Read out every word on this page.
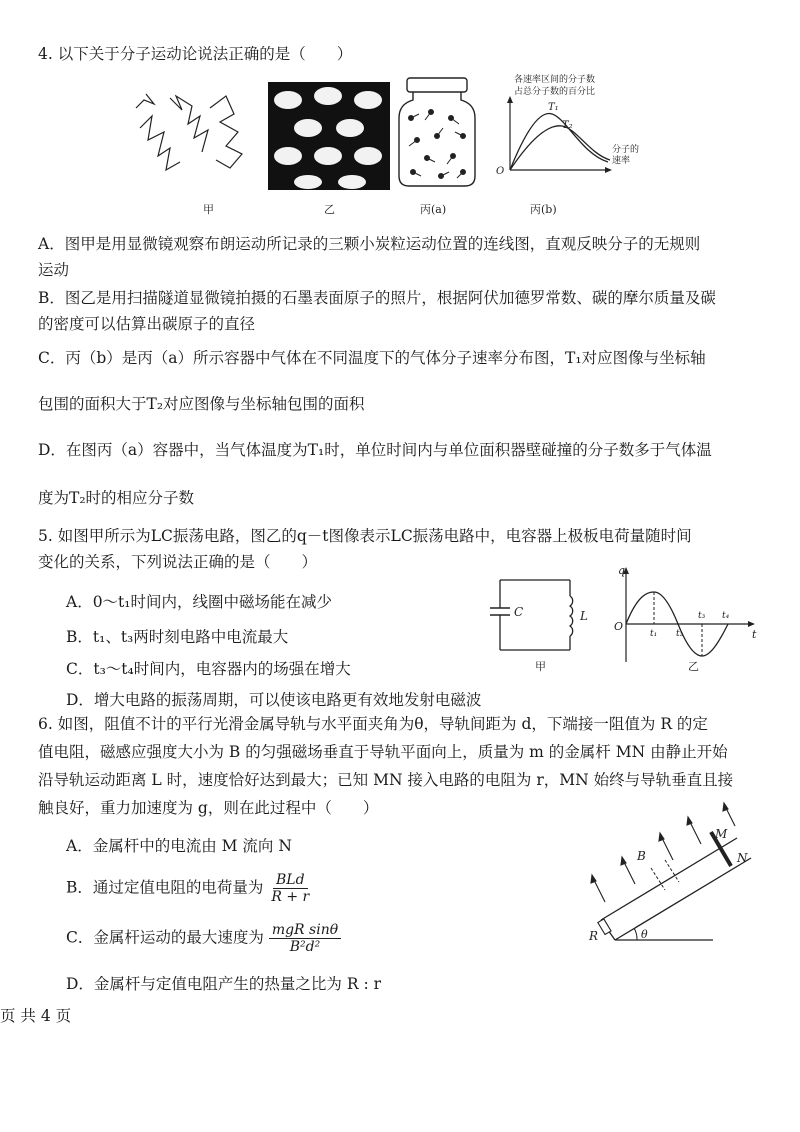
4. 以下关于分子运动论说法正确的是（　　）
甲	乙	丙(a)
各速率区间的分子数
占总分子数的百分比
T₁
T₂
O
分子的
速率
丙(b)
A．图甲是用显微镜观察布朗运动所记录的三颗小炭粒运动位置的连线图，直观反映分子的无规则
运动
B．图乙是用扫描隧道显微镜拍摄的石墨表面原子的照片，根据阿伏加德罗常数、碳的摩尔质量及碳
的密度可以估算出碳原子的直径
C．丙（b）是丙（a）所示容器中气体在不同温度下的气体分子速率分布图，T₁对应图像与坐标轴
包围的面积大于T₂对应图像与坐标轴包围的面积
D．在图丙（a）容器中，当气体温度为T₁时，单位时间内与单位面积器壁碰撞的分子数多于气体温
度为T₂时的相应分子数
5. 如图甲所示为LC振荡电路，图乙的q－t图像表示LC振荡电路中，电容器上极板电荷量随时间
变化的关系，下列说法正确的是（　　）
A．0～t₁时间内，线圈中磁场能在减少
B．t₁、t₃两时刻电路中电流最大
C．t₃～t₄时间内，电容器内的场强在增大
D．增大电路的振荡周期，可以使该电路更有效地发射电磁波
C	L
甲
q
t
O
t₁ t₂
t₃ t₄
乙
6. 如图，阻值不计的平行光滑金属导轨与水平面夹角为θ，导轨间距为 d，下端接一阻值为 R 的定
值电阻，磁感应强度大小为 B 的匀强磁场垂直于导轨平面向上，质量为 m 的金属杆 MN 由静止开始
沿导轨运动距离 L 时，速度恰好达到最大；已知 MN 接入电路的电阻为 r，MN 始终与导轨垂直且接
触良好，重力加速度为 g，则在此过程中（　　）
A．金属杆中的电流由 M 流向 N
B．通过定值电阻的电荷量为 $\frac{\text{BLd}}{R + r}$
C．金属杆运动的最大速度为 $\frac{\text{mgR sinθ}}{\text{B²d²}}$
D．金属杆与定值电阻产生的热量之比为 R : r
B
M
N
R	θ
页 共 4 页
